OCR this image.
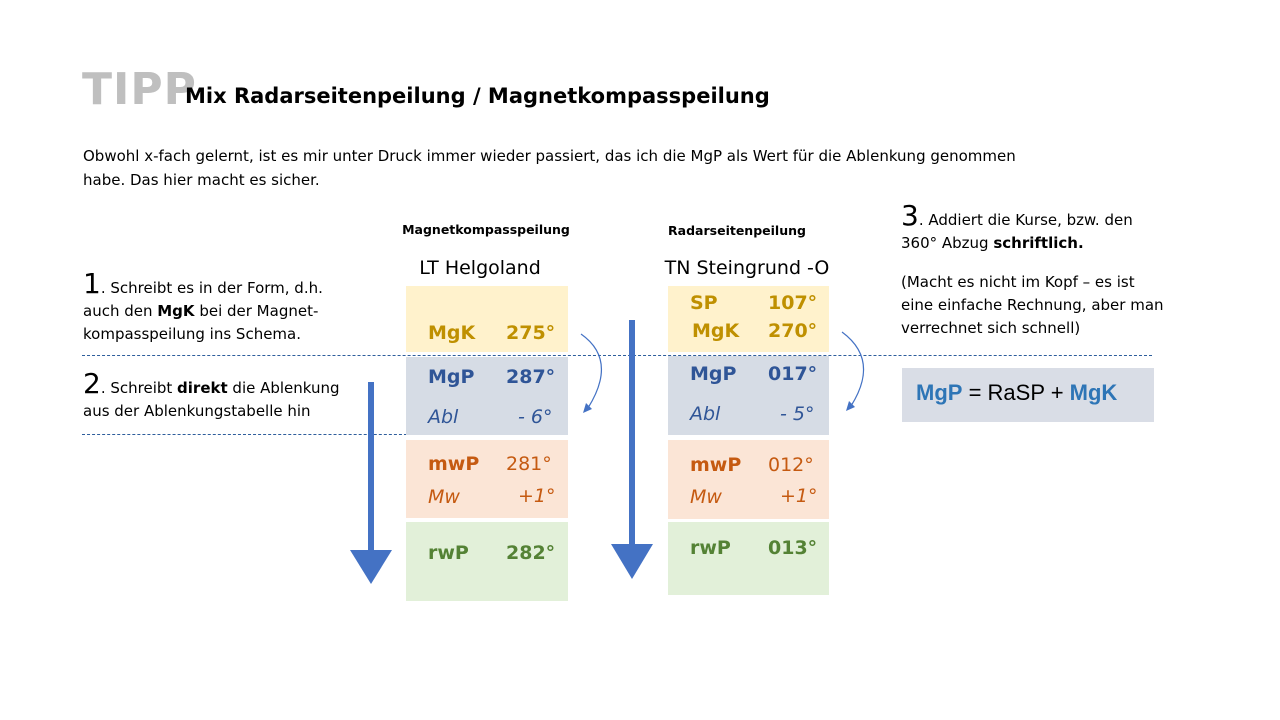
TIPP
Mix Radarseitenpeilung / Magnetkompasspeilung
Obwohl x-fach gelernt, ist es mir unter Druck immer wieder passiert, das ich die MgP als Wert für die Ablenkung genommen habe. Das hier macht es sicher.
Magnetkompasspeilung	Radarseitenpeilung
LT Helgoland	TN Steingrund -O
MgK 275°
MgP 287°
Abl	- 6°
mwP 281°
Mw	+1°
rwP 282°
SP	107°
MgK 270°
MgP 017°
Abl	- 5°
mwP 012°
Mw	+1°
rwP 013°
1. Schreibt es in der Form, d.h.
auch den MgK bei der Magnet-
kompasspeilung ins Schema.
2. Schreibt direkt die Ablenkung
aus der Ablenkungstabelle hin
3. Addiert die Kurse, bzw. den
360° Abzug schriftlich.
(Macht es nicht im Kopf – es ist
eine einfache Rechnung, aber man
verrechnet sich schnell)
MgP = RaSP + MgK
